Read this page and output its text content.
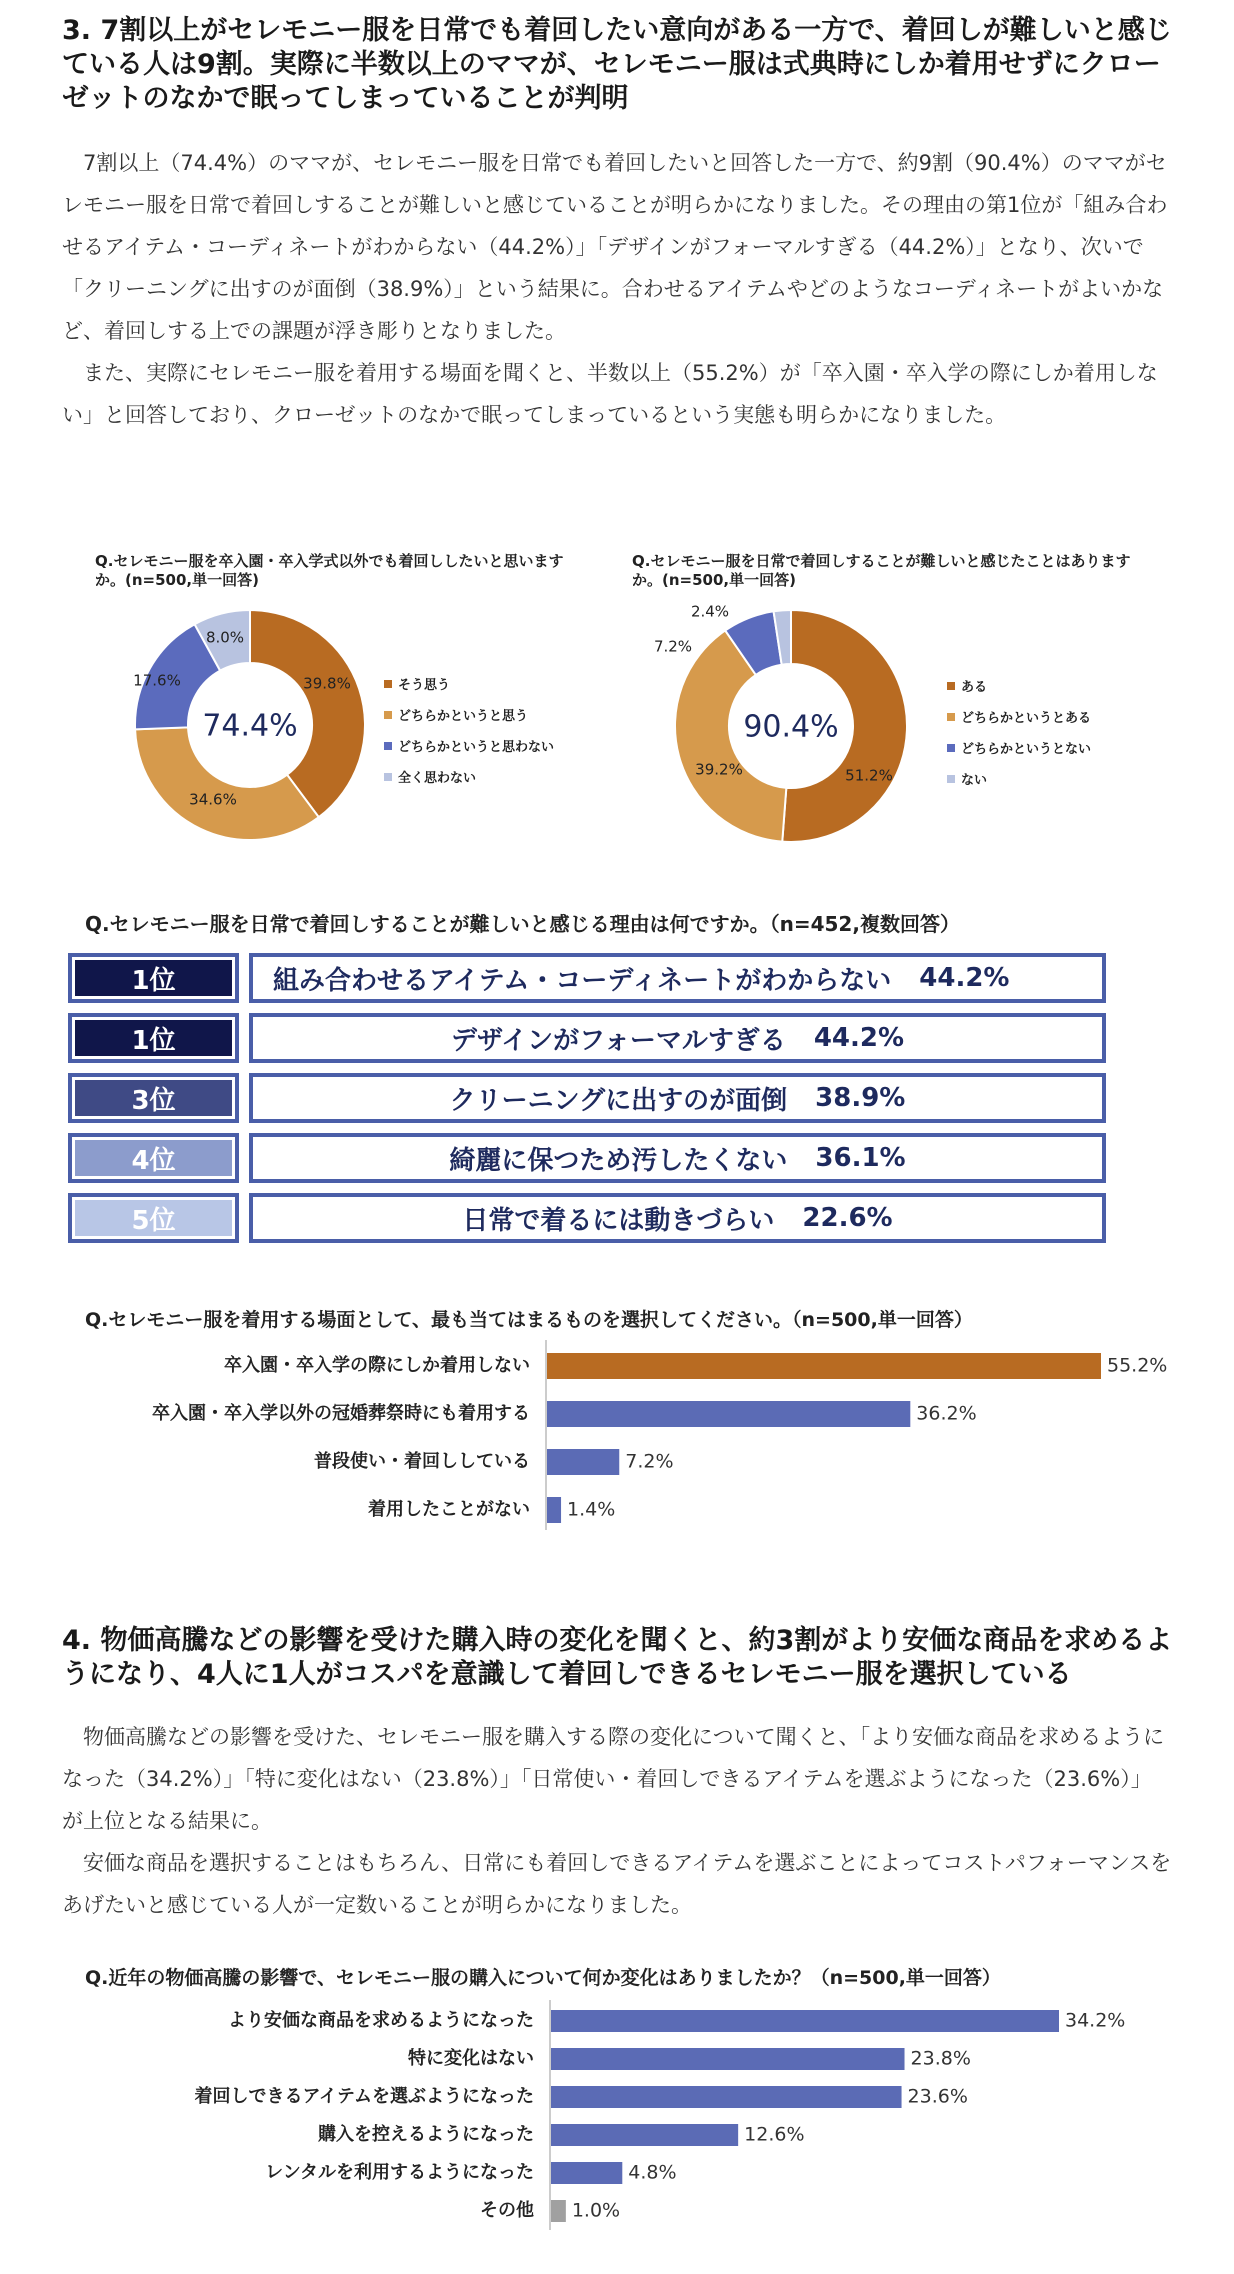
3. 7割以上がセレモニー服を日常でも着回したい意向がある一方で、着回しが難しいと感じている人は9割。実際に半数以上のママが、セレモニー服は式典時にしか着用せずにクローゼットのなかで眠ってしまっていることが判明

7割以上（74.4%）のママが、セレモニー服を日常でも着回したいと回答した一方で、約9割（90.4%）のママがセレモニー服を日常で着回しすることが難しいと感じていることが明らかになりました。その理由の第1位が「組み合わせるアイテム・コーディネートがわからない（44.2%）」「デザインがフォーマルすぎる（44.2%）」となり、次いで「クリーニングに出すのが面倒（38.9%）」という結果に。合わせるアイテムやどのようなコーディネートがよいかなど、着回しする上での課題が浮き彫りとなりました。

また、実際にセレモニー服を着用する場面を聞くと、半数以上（55.2%）が「卒入園・卒入学の際にしか着用しない」と回答しており、クローゼットのなかで眠ってしまっているという実態も明らかになりました。

Q.セレモニー服を卒入園・卒入学式以外でも着回ししたいと思いますか。(n=500,単一回答)
39.8%
34.6%
17.6%
8.0%
74.4%
そう思う
どちらかというと思う
どちらかというと思わない
全く思わない
Q.セレモニー服を日常で着回しすることが難しいと感じたことはありますか。(n=500,単一回答)
51.2%
39.2%
7.2%
2.4%
90.4%
ある
どちらかというとある
どちらかというとない
ない
Q.セレモニー服を日常で着回しすることが難しいと感じる理由は何ですか。（n=452,複数回答）
1位	組み合わせるアイテム・コーディネートがわからない 44.2%
1位	デザインがフォーマルすぎる 44.2%
3位	クリーニングに出すのが面倒 38.9%
4位	綺麗に保つため汚したくない 36.1%
5位	日常で着るには動きづらい 22.6%
Q.セレモニー服を着用する場面として、最も当てはまるものを選択してください。（n=500,単一回答）
卒入園・卒入学の際にしか着用しない	55.2%
卒入園・卒入学以外の冠婚葬祭時にも着用する	36.2%
普段使い・着回ししている	7.2%
着用したことがない 1.4%
4. 物価高騰などの影響を受けた購入時の変化を聞くと、約3割がより安価な商品を求めるようになり、4人に1人がコスパを意識して着回しできるセレモニー服を選択している

物価高騰などの影響を受けた、セレモニー服を購入する際の変化について聞くと、「より安価な商品を求めるようになった（34.2%）」「特に変化はない（23.8%）」「日常使い・着回しできるアイテムを選ぶようになった（23.6%）」が上位となる結果に。

安価な商品を選択することはもちろん、日常にも着回しできるアイテムを選ぶことによってコストパフォーマンスをあげたいと感じている人が一定数いることが明らかになりました。

Q.近年の物価高騰の影響で、セレモニー服の購入について何か変化はありましたか？（n=500,単一回答）
より安価な商品を求めるようになった	34.2%
特に変化はない	23.8%
着回しできるアイテムを選ぶようになった	23.6%
購入を控えるようになった	12.6%
レンタルを利用するようになった	4.8%
その他 1.0%
